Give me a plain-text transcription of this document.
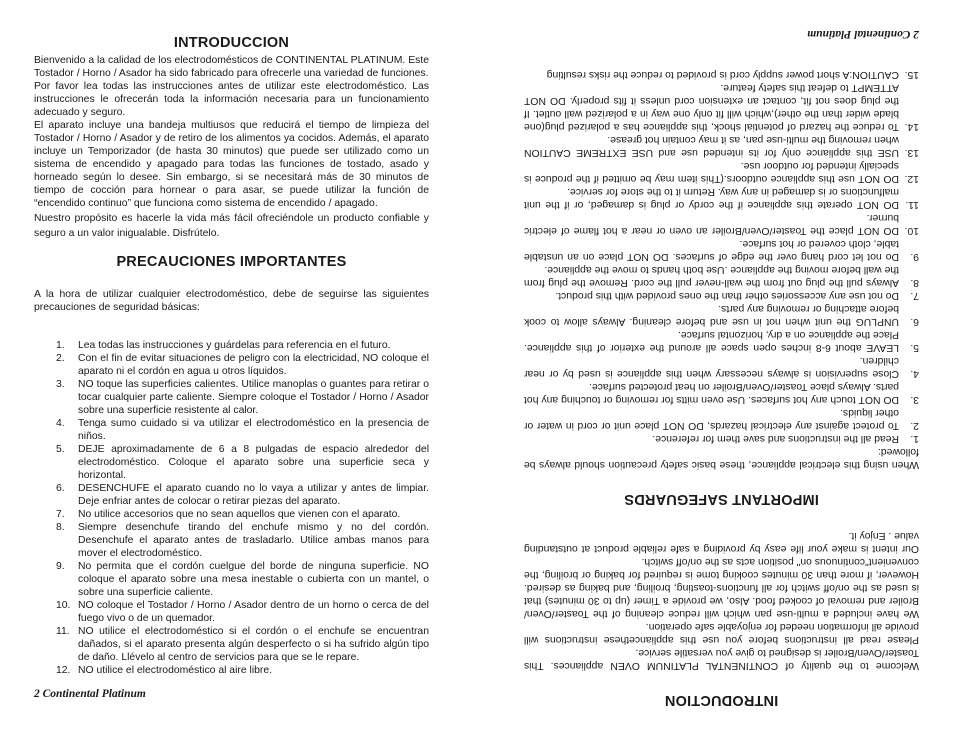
INTRODUCCION

Bienvenido a la calidad de los electrodomésticos de CONTINENTAL PLATINUM. Este Tostador / Horno / Asador ha sido fabricado para ofrecerle una variedad de funciones.

Por favor lea todas las instrucciones antes de utilizar este electrodoméstico. Las instrucciones le ofrecerán toda la información necesaria para un funcionamiento adecuado y seguro.

El aparato incluye una bandeja multiusos que reducirá el tiempo de limpieza del Tostador / Horno / Asador y de retiro de los alimentos ya cocidos. Además, el aparato incluye un Temporizador (de hasta 30 minutos) que puede ser utilizado como un sistema de encendido y apagado para todas las funciones de tostado, asado y horneado según lo desee. Sin embargo, si se necesitará más de 30 minutos de tiempo de cocción para hornear o para asar, se puede utilizar la función de “encendido continuo” que funciona como sistema de encendido / apagado.

Nuestro propósito es hacerle la vida más fácil ofreciéndole un producto confiable y seguro a un valor inigualable. Disfrútelo.

PRECAUCIONES IMPORTANTES

A la hora de utilizar cualquier electrodoméstico, debe de seguirse las siguientes precauciones de seguridad básicas:

1. Lea todas las instrucciones y guárdelas para referencia en el futuro.
2. Con el fin de evitar situaciones de peligro con la electricidad, NO coloque el aparato ni el cordón en agua u otros líquidos.
3. NO toque las superficies calientes. Utilice manoplas o guantes para retirar o tocar cualquier parte caliente. Siempre coloque el Tostador / Horno / Asador sobre una superficie resistente al calor.
4. Tenga sumo cuidado si va utilizar el electrodoméstico en la presencia de niños.
5. DEJE aproximadamente de 6 a 8 pulgadas de espacio alrededor del electrodoméstico. Coloque el aparato sobre una superficie seca y horizontal.
6. DESENCHUFE el aparato cuando no lo vaya a utilizar y antes de limpiar. Deje enfriar antes de colocar o retirar piezas del aparato.
7. No utilice accesorios que no sean aquellos que vienen con el aparato.
8. Siempre desenchufe tirando del enchufe mismo y no del cordón. Desenchufe el aparato antes de trasladarlo. Utilice ambas manos para mover el electrodoméstico.
9. No permita que el cordón cuelgue del borde de ninguna superficie. NO coloque el aparato sobre una mesa inestable o cubierta con un mantel, o sobre una superficie caliente.
10. NO coloque el Tostador / Horno / Asador dentro de un horno o cerca de del fuego vivo o de un quemador.
11. NO utilice el electrodoméstico si el cordón o el enchufe se encuentran dañados, si el aparato presenta algún desperfecto o si ha sufrido algún tipo de daño. Llévelo al centro de servicios para que se le repare.
12. NO utilice el electrodoméstico al aire libre.
2 Continental Platinum	INTRODUCTION

Welcome to the quality of CONTINENTAL PLATINUM OVEN appliances. This Toaster/Oven/Broiler is designed to give you versatile service.

Please read all instructions before you use this appliancethese instructions will provide all information needed for enjoyable safe operation.

We have included a multi-use pan which will reduce cleaning of the Toaster/Oven/ Broiler and removal of cooked food. Also, we provide a Timer (up to 30 minutes) that is used as the on/off switch for all functions-toasting, broiling, and baking as desired. However, if more than 30 minutes cooking tome is required for baking or broiling, the convenient"continuous on" position acts as the on/off switch.

Our intent is make your life easy by providing a safe reliable product at outstanding value . Enjoy it.

IMPORTANT SAFEGUARDS

When using this electrical appliance, these basic safety precaution should always be followed:

1.
Read all the instructions and save them for reference.
2.
To protect against any electrical hazards, DO NOT place unit or cord in water or other liquids.
3.
DO NOT touch any hot surfaces. Use oven mitts for removing or touching any hot parts. Always place Toaster/Oven/Broiler on heat protected surface.
4.
Close supervision is always necessary when this appliance is used by or near children.
5.
LEAVE about 6-8 inches open space all around the exterior of this appliance. Place the appliance on a dry, horizontal surface.
6.
UNPLUG the unit when not in use and before cleaning. Always allow to cook before attaching or removing any parts.
7.
Do not use any accessories other than the ones provided with this product.
8.
Always pull the plug out from the wall-never pull the cord. Remove the plug from the wall before moving the appliance .Use both hands to move the appliance.
9.
Do not let cord hang over the edge of surfaces. DO NOT place on an unstable table, cloth covered or hot surface.
10.
DO NOT place the Toaster/Oven/Broiler an oven or near a hot flame of electric burner.
11.
DO NOT operate this appliance if the cordy or plug is damaged, or if the unit malfunctions or is damaged in any way. Return it to the store for service.
12.
DO NOT use this appliance outdoors.(This item may be omitted if the produce is specially intended for outdoor use.
13.
USE this appliance only for its intended use and USE EXTREME CAUTION when removing the multi-use pan, as it may contain hot grease.
14.
To reduce the hazard of potential shock, this appliance has a polarized plug(one blade wider than the other),which will fit only one way in a polarized wall outlet. If the plug does not fit, contact an extension cord unless it fits properly. DO NOT ATTEMPT to defeat this safety feature.
15.
CAUTION:A short power supply cord is provided to reduce the risks resulting
2 Continental Platinum
